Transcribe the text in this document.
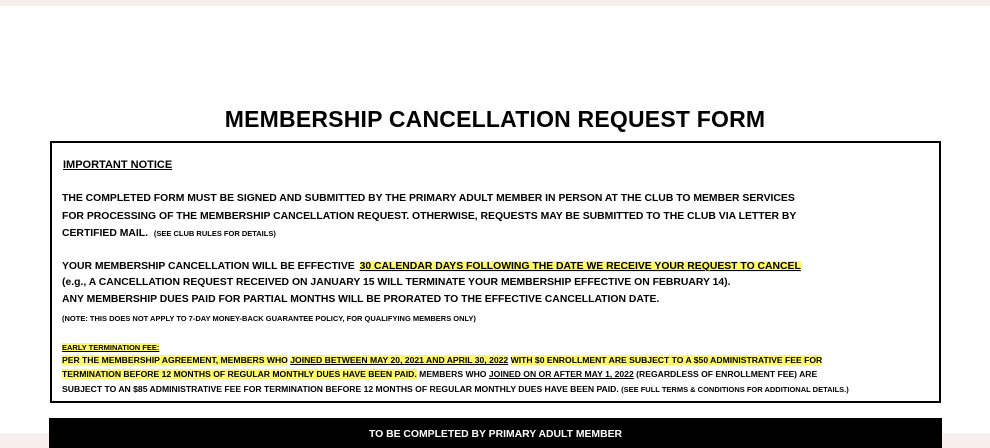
MEMBERSHIP CANCELLATION REQUEST FORM
IMPORTANT NOTICE
THE COMPLETED FORM MUST BE SIGNED AND SUBMITTED BY THE PRIMARY ADULT MEMBER IN PERSON AT THE CLUB TO MEMBER SERVICES
FOR PROCESSING OF THE MEMBERSHIP CANCELLATION REQUEST. OTHERWISE, REQUESTS MAY BE SUBMITTED TO THE CLUB VIA LETTER BY
CERTIFIED MAIL. (SEE CLUB RULES FOR DETAILS)
YOUR MEMBERSHIP CANCELLATION WILL BE EFFECTIVE 30 CALENDAR DAYS FOLLOWING THE DATE WE RECEIVE YOUR REQUEST TO CANCEL
(e.g., A CANCELLATION REQUEST RECEIVED ON JANUARY 15 WILL TERMINATE YOUR MEMBERSHIP EFFECTIVE ON FEBRUARY 14).
ANY MEMBERSHIP DUES PAID FOR PARTIAL MONTHS WILL BE PRORATED TO THE EFFECTIVE CANCELLATION DATE.
(NOTE: THIS DOES NOT APPLY TO 7-DAY MONEY-BACK GUARANTEE POLICY, FOR QUALIFYING MEMBERS ONLY)
EARLY TERMINATION FEE:
PER THE MEMBERSHIP AGREEMENT, MEMBERS WHO JOINED BETWEEN MAY 20, 2021 AND APRIL 30, 2022 WITH $0 ENROLLMENT ARE SUBJECT TO A $50 ADMINISTRATIVE FEE FOR
TERMINATION BEFORE 12 MONTHS OF REGULAR MONTHLY DUES HAVE BEEN PAID. MEMBERS WHO JOINED ON OR AFTER MAY 1, 2022 (REGARDLESS OF ENROLLMENT FEE) ARE
SUBJECT TO AN $85 ADMINISTRATIVE FEE FOR TERMINATION BEFORE 12 MONTHS OF REGULAR MONTHLY DUES HAVE BEEN PAID. (SEE FULL TERMS & CONDITIONS FOR ADDITIONAL DETAILS.)
TO BE COMPLETED BY PRIMARY ADULT MEMBER
